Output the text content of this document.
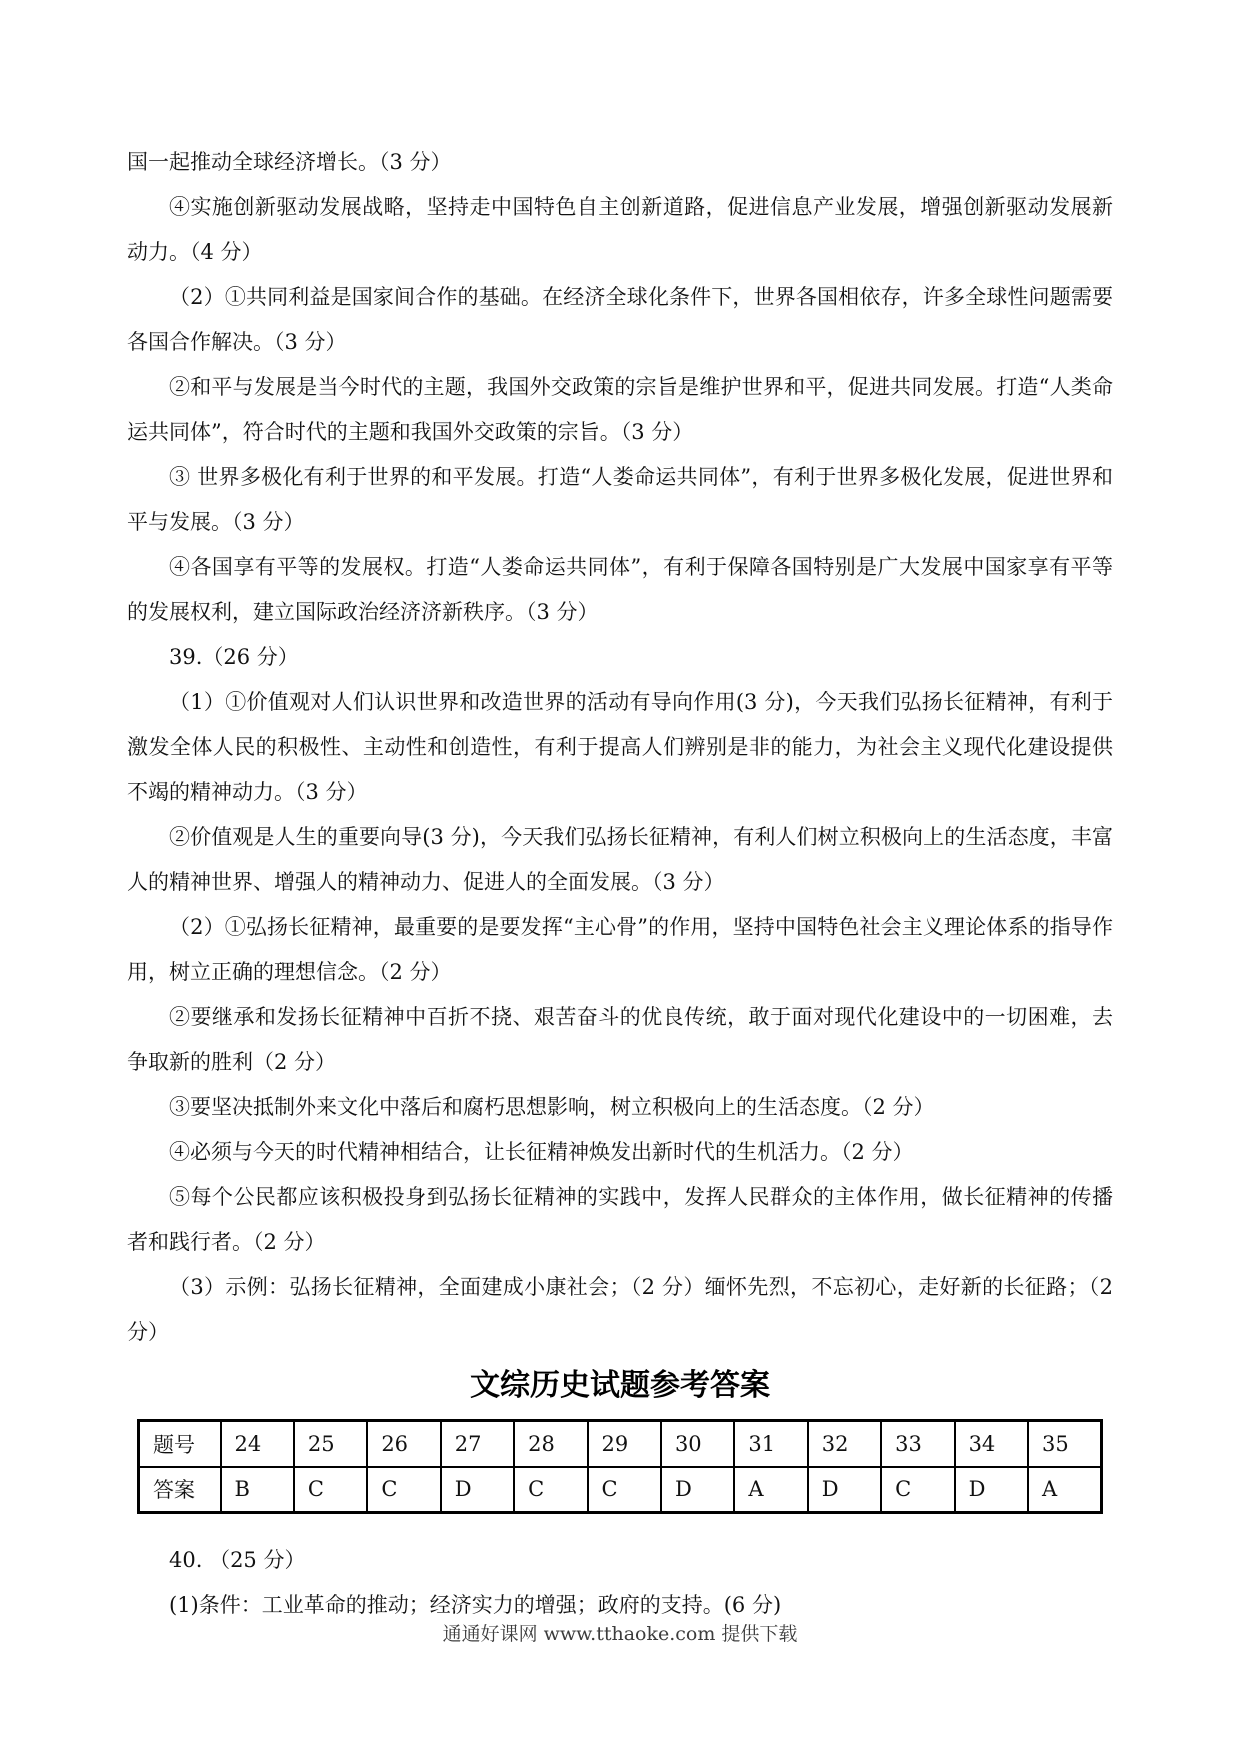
国一起推动全球经济增长。（3 分）

④实施创新驱动发展战略，坚持走中国特色自主创新道路，促进信息产业发展，增强创新驱动发展新动力。（4 分）

（2）①共同利益是国家间合作的基础。在经济全球化条件下，世界各国相依存，许多全球性问题需要各国合作解决。（3 分）

②和平与发展是当今时代的主题，我国外交政策的宗旨是维护世界和平，促进共同发展。打造“人类命运共同体”，符合时代的主题和我国外交政策的宗旨。（3 分）

③ 世界多极化有利于世界的和平发展。打造“人娄命运共同体”，有利于世界多极化发展，促进世界和平与发展。（3 分）

④各国享有平等的发展权。打造“人娄命运共同体”，有利于保障各国特别是广大发展中国家享有平等的发展权利，建立国际政治经济济新秩序。（3 分）

39.（26 分）

（1）①价值观对人们认识世界和改造世界的活动有导向作用(3 分)，今天我们弘扬长征精神，有利于激发全体人民的积极性、主动性和创造性，有利于提高人们辨别是非的能力，为社会主义现代化建设提供不竭的精神动力。（3 分）

②价值观是人生的重要向导(3 分)，今天我们弘扬长征精神，有利人们树立积极向上的生活态度，丰富人的精神世界、增强人的精神动力、促进人的全面发展。（3 分）

（2）①弘扬长征精神，最重要的是要发挥“主心骨”的作用，坚持中国特色社会主义理论体系的指导作用，树立正确的理想信念。（2 分）

②要继承和发扬长征精神中百折不挠、艰苦奋斗的优良传统，敢于面对现代化建设中的一切困难，去争取新的胜利（2 分）

③要坚决抵制外来文化中落后和腐朽思想影响，树立积极向上的生活态度。（2 分）

④必须与今天的时代精神相结合，让长征精神焕发出新时代的生机活力。（2 分）

⑤每个公民都应该积极投身到弘扬长征精神的实践中，发挥人民群众的主体作用，做长征精神的传播者和践行者。（2 分）

（3）示例：弘扬长征精神，全面建成小康社会；（2 分）缅怀先烈，不忘初心，走好新的长征路；（2 分）

文综历史试题参考答案
题号	24	25	26	27	28	29	30	31	32	33	34	35
答案	B	C	C	D	C	C	D	A	D	C	D	A

40. （25 分）

(1)条件：工业革命的推动；经济实力的增强；政府的支持。(6 分)

通通好课网 www.tthaoke.com 提供下载
